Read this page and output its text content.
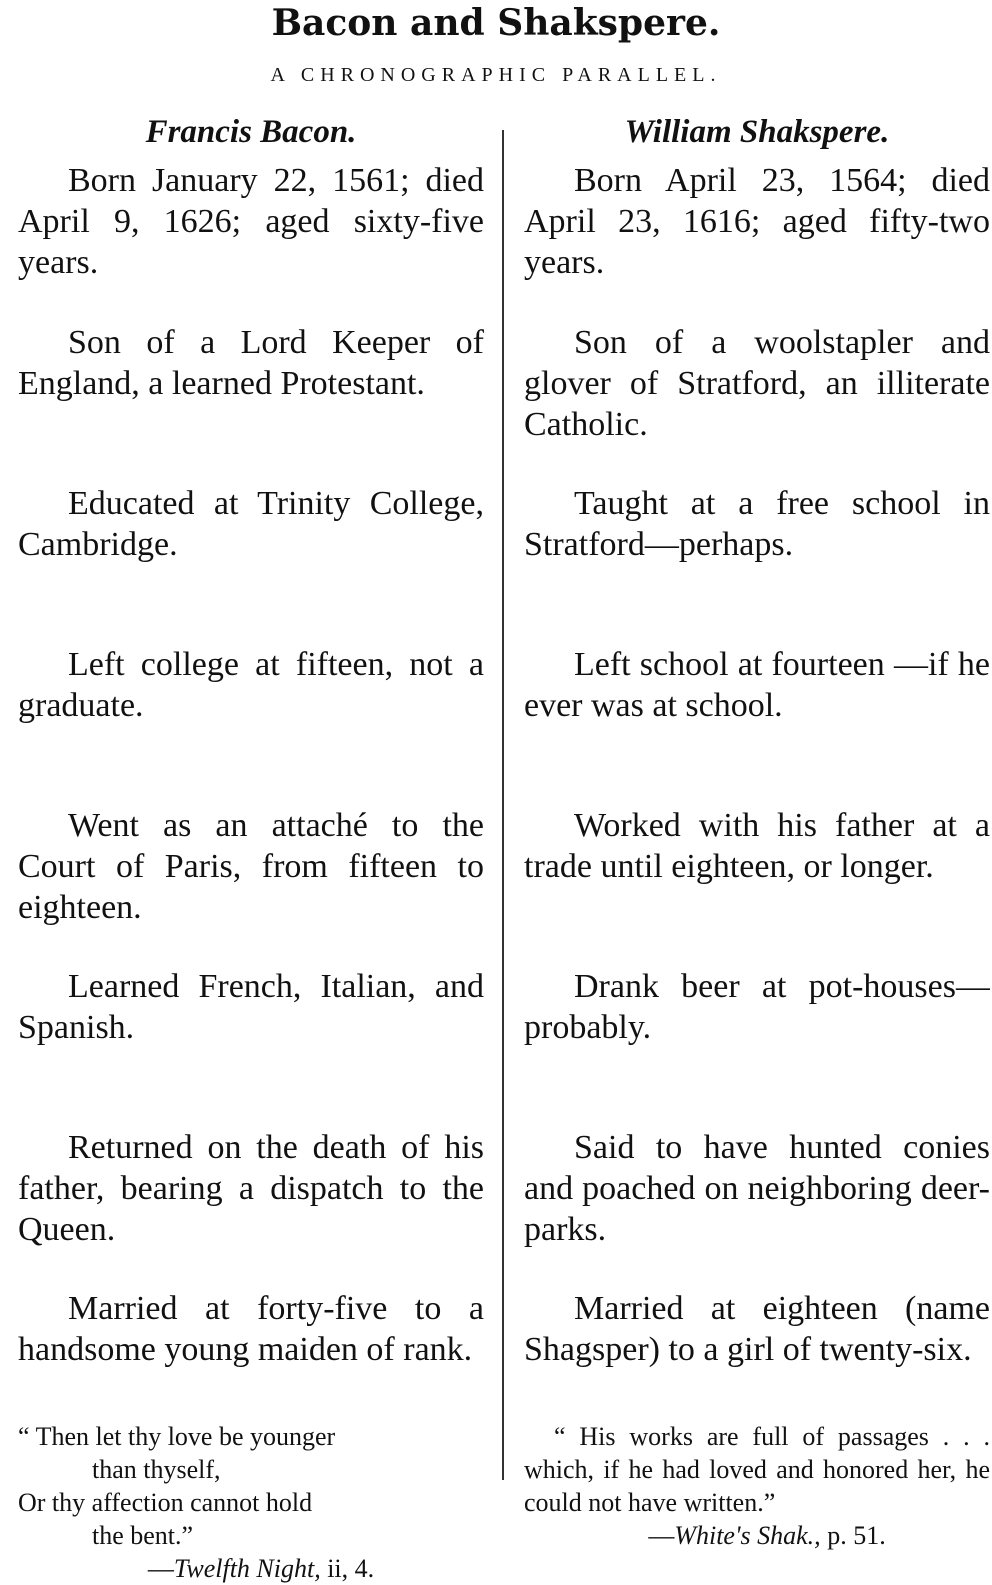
Bacon and Shakspere.
A CHRONOGRAPHIC PARALLEL.
Francis Bacon.

Born January 22, 1561; died April 9, 1626; aged sixty-five years.

Son of a Lord Keeper of England, a learned Protestant.

Educated at Trinity College, Cambridge.

Left college at fifteen, not a graduate.

Went as an attaché to the Court of Paris, from fifteen to eighteen.

Learned French, Italian, and Spanish.

Returned on the death of his father, bearing a dispatch to the Queen.

Married at forty-five to a handsome young maiden of rank.

“ Then let thy love be younger
than thyself,
Or thy affection cannot hold
the bent.”
—Twelfth Night, ii, 4.
William Shakspere.

Born April 23, 1564; died April 23, 1616; aged fifty-two years.

Son of a woolstapler and glover of Stratford, an illiterate Catholic.

Taught at a free school in Stratford—perhaps.

Left school at fourteen —if he ever was at school.

Worked with his father at a trade until eighteen, or longer.

Drank beer at pot-houses—probably.

Said to have hunted conies and poached on neighboring deer-parks.

Married at eighteen (name Shagsper) to a girl of twenty-six.

“ His works are full of passages . . . which, if he had loved and honored her, he could not have written.”
—White's Shak., p. 51.
